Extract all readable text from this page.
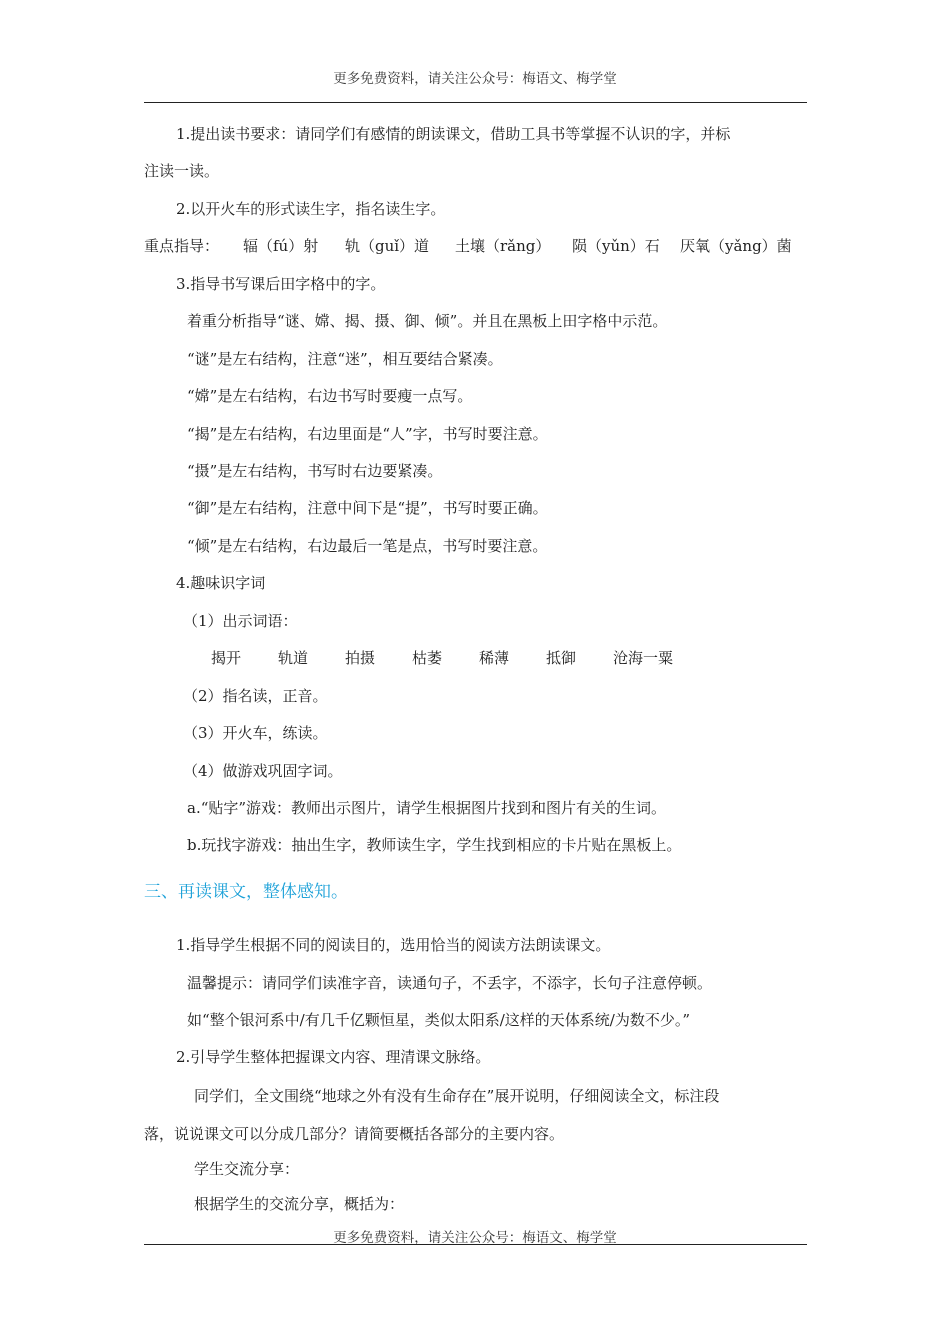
更多免费资料，请关注公众号：梅语文、梅学堂
1.提出读书要求：请同学们有感情的朗读课文，借助工具书等掌握不认识的字，并标
注读一读。
2.以开火车的形式读生字，指名读生字。
重点指导： 辐（fú）射 轨（guǐ）道 土壤（rǎng） 陨（yǔn）石 厌氧（yǎng）菌
3.指导书写课后田字格中的字。
着重分析指导“谜、嫦、揭、摄、御、倾”。并且在黑板上田字格中示范。
“谜”是左右结构，注意“迷”，相互要结合紧凑。
“嫦”是左右结构，右边书写时要瘦一点写。
“揭”是左右结构，右边里面是“人”字，书写时要注意。
“摄”是左右结构，书写时右边要紧凑。
“御”是左右结构，注意中间下是“提”，书写时要正确。
“倾”是左右结构，右边最后一笔是点，书写时要注意。
4.趣味识字词
（1）出示词语：
揭开 轨道 拍摄 枯萎 稀薄 抵御 沧海一粟
（2）指名读，正音。
（3）开火车，练读。
（4）做游戏巩固字词。
a.“贴字”游戏：教师出示图片，请学生根据图片找到和图片有关的生词。
b.玩找字游戏：抽出生字，教师读生字，学生找到相应的卡片贴在黑板上。
三、再读课文，整体感知。
1.指导学生根据不同的阅读目的，选用恰当的阅读方法朗读课文。
温馨提示：请同学们读准字音，读通句子，不丢字，不添字，长句子注意停顿。
如“整个银河系中/有几千亿颗恒星，类似太阳系/这样的天体系统/为数不少。”
2.引导学生整体把握课文内容、理清课文脉络。
同学们，全文围绕“地球之外有没有生命存在”展开说明，仔细阅读全文，标注段
落，说说课文可以分成几部分？请简要概括各部分的主要内容。
学生交流分享：
根据学生的交流分享，概括为：
更多免费资料，请关注公众号：梅语文、梅学堂
